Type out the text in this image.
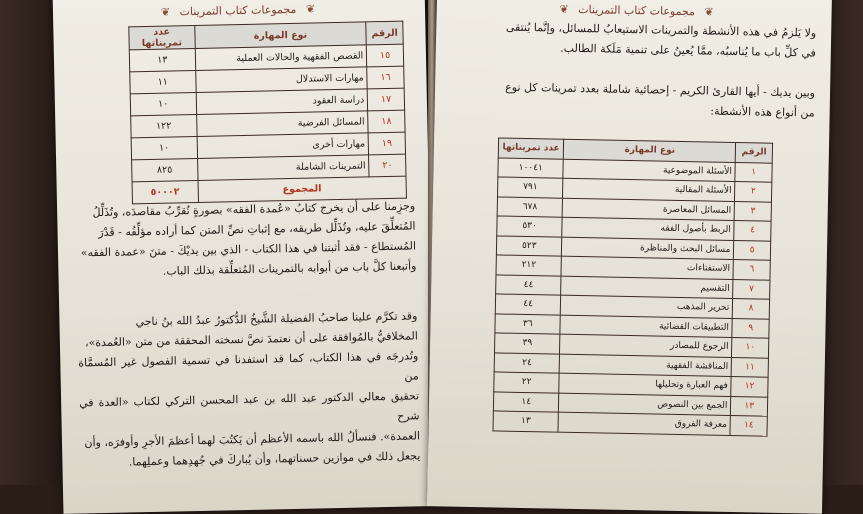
❦ مجموعات كتاب التمرينات ❦
الرقم	نوع المهارة	عدد تمريناتها
١٥	القصص الفقهية والحالات العملية	١٣
١٦	مهارات الاستدلال	١١
١٧	دراسة العقود	١٠
١٨	المسائل الفرضية	١٢٢
١٩	مهارات أخرى	١٠
٢٠	التمرينات الشاملة	٨٢٥
المجموع		٥٠٠٠٢

وجزِمنا على أن يخرج كتابُ «عُمدة الفقه» بصورةٍ تُقرِّبُ مقاصدَه، وتُذَلِّلُ

المُتعلِّقَ عليه، وتُذَلِّل طريقه، مع إثباتِ نصِّ المتن كما أراده مؤلِّفُه - قَدْرَ

المُستطاع - فقد أثبتنا في هذا الكتاب - الذي بين يديْكَ - متنَ «عمدة الفقه»

وأتبعنا كلَّ باب من أبوابه بالتمرينات المُتعلِّقة بذلك الباب.

وقد تكرَّم علينا صاحبُ الفضيلة الشَّيخُ الدُّكتورُ عبدُ الله بنُ ناجي

المخلافيُّ بالمُوافقة على أن نعتمدَ نصَّ نسخته المحققة من متن «العُمدة»،

وتُدرجَه في هذا الكتاب، كما قد استفدنا في تسمية الفصول غير المُسمَّاة من

تحقيق معالي الدكتور عبد الله بن عبد المحسن التركي لكتاب «العدة في شرح

العمدة». فنسألُ الله باسمه الأعظم أن يَكتُبَ لهما أعظمَ الأجرِ وأوفرَه، وأن

يجعل ذلك في موازين حسناتهما، وأن يُباركَ في جُهدِهما وعملِهما.

❦ مجموعات كتاب التمرينات ❦

ولا يَلزمُ في هذه الأنشطة والتمرينات الاستيعابُ للمسائل، وإنَّما يُنتقى

في كلِّ باب ما يُناسبُه، ممَّا يُعينُ على تنمية مَلَكة الطالب.

وبين يديك - أيها القارئ الكريم - إحصائية شاملة بعدد تمرينات كل نوع

من أنواع هذه الأنشطة:

الرقم	نوع المهارة	عدد تمريناتها
١	الأسئلة الموضوعية	١٠٠٤١
٢	الأسئلة المقالية	٧٩١
٣	المسائل المعاصرة	٦٧٨
٤	الربط بأصول الفقه	٥٣٠
٥	مسائل البحث والمناظرة	٥٢٣
٦	الاستفتاءات	٢١٢
٧	التقسيم	٤٤
٨	تحرير المذهب	٤٤
٩	التطبيقات القضائية	٣٦
١٠	الرجوع للمصادر	٣٩
١١	المناقشة الفقهية	٢٤
١٢	فهم العبارة وتحليلها	٢٢
١٣	الجمع بين النصوص	١٤
١٤	معرفة الفروق	١٣
